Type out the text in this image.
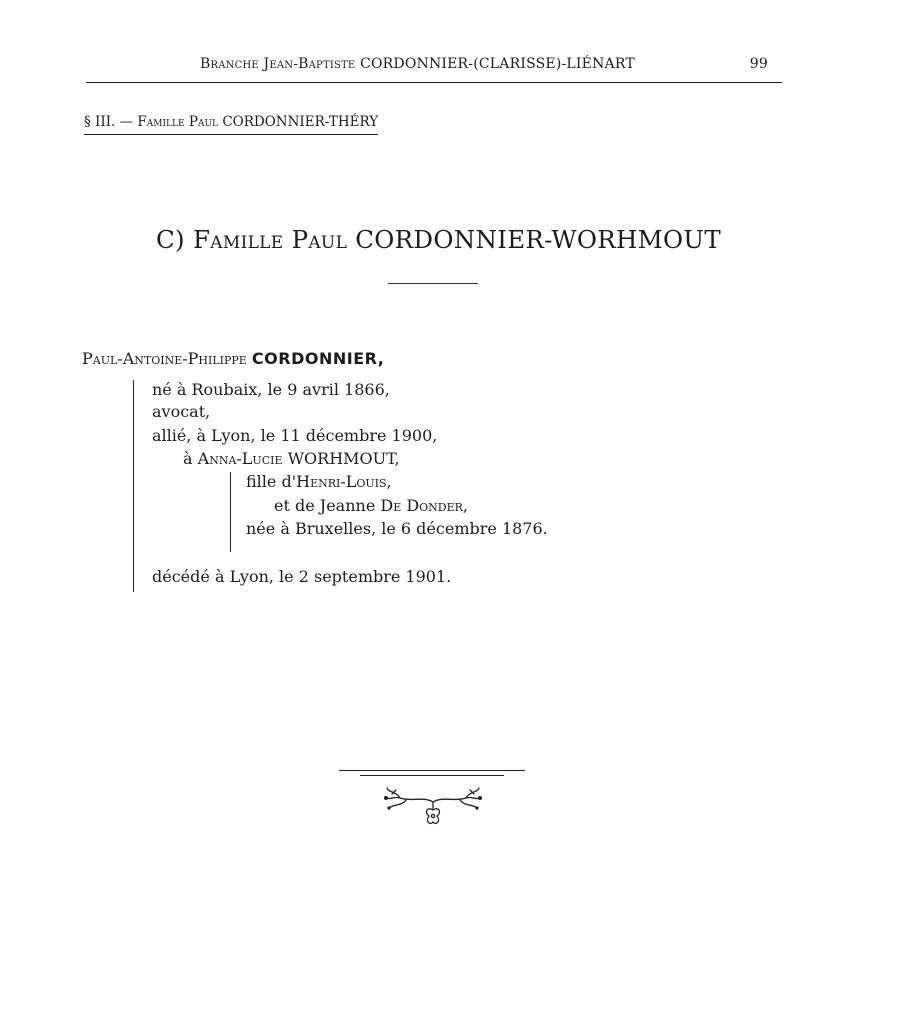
Branche Jean-Baptiste CORDONNIER-(CLARISSE)-LIÉNART	99
§ III. — Famille Paul CORDONNIER-THÉRY
C) Famille Paul CORDONNIER-WORHMOUT
Paul-Antoine-Philippe CORDONNIER,
né à Roubaix, le 9 avril 1866,
avocat,
allié, à Lyon, le 11 décembre 1900,
à Anna-Lucie WORHMOUT,
fille d'Henri-Louis,
et de Jeanne De Donder,
née à Bruxelles, le 6 décembre 1876.
décédé à Lyon, le 2 septembre 1901.
